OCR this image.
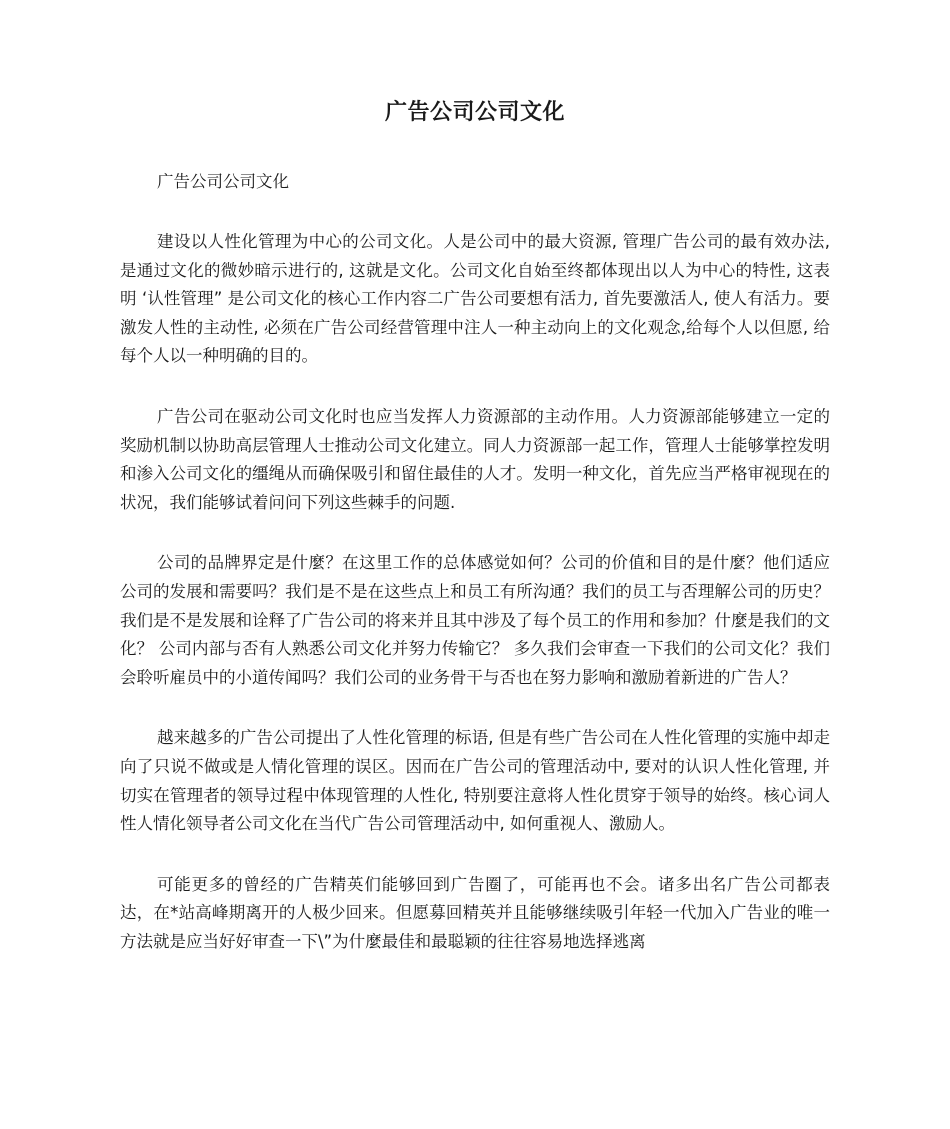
广告公司公司文化
广告公司公司文化

建设以人性化管理为中心的公司文化。人是公司中的最大资源, 管理广告公司的最有效办法, 是通过文化的微妙暗示进行的, 这就是文化。公司文化自始至终都体现出以人为中心的特性, 这表明 ‘认性管理” 是公司文化的核心工作内容二广告公司要想有活力, 首先要激活人, 使人有活力。要激发人性的主动性, 必须在广告公司经营管理中注人一种主动向上的文化观念,给每个人以但愿, 给每个人以一种明确的目的。

广告公司在驱动公司文化时也应当发挥人力资源部的主动作用。人力资源部能够建立一定的奖励机制以协助高层管理人士推动公司文化建立。同人力资源部一起工作，管理人士能够掌控发明和渗入公司文化的缰绳从而确保吸引和留住最佳的人才。发明一种文化，首先应当严格审视现在的状况，我们能够试着问问下列这些棘手的问题.

公司的品牌界定是什麼？在这里工作的总体感觉如何？公司的价值和目的是什麼？他们适应公司的发展和需要吗？我们是不是在这些点上和员工有所沟通？我们的员工与否理解公司的历史？ 我们是不是发展和诠释了广告公司的将来并且其中涉及了每个员工的作用和参加？什麼是我们的文化？ 公司内部与否有人熟悉公司文化并努力传输它？ 多久我们会审查一下我们的公司文化？我们会聆听雇员中的小道传闻吗？我们公司的业务骨干与否也在努力影响和激励着新进的广告人？

越来越多的广告公司提出了人性化管理的标语, 但是有些广告公司在人性化管理的实施中却走向了只说不做或是人情化管理的误区。因而在广告公司的管理活动中, 要对的认识人性化管理, 并切实在管理者的领导过程中体现管理的人性化, 特别要注意将人性化贯穿于领导的始终。核心词人性人情化领导者公司文化在当代广告公司管理活动中, 如何重视人、激励人。

可能更多的曾经的广告精英们能够回到广告圈了，可能再也不会。诸多出名广告公司都表达，在*站高峰期离开的人极少回来。但愿募回精英并且能够继续吸引年轻一代加入广告业的唯一方法就是应当好好审查一下\”为什麼最佳和最聪颖的往往容易地选择逃离
